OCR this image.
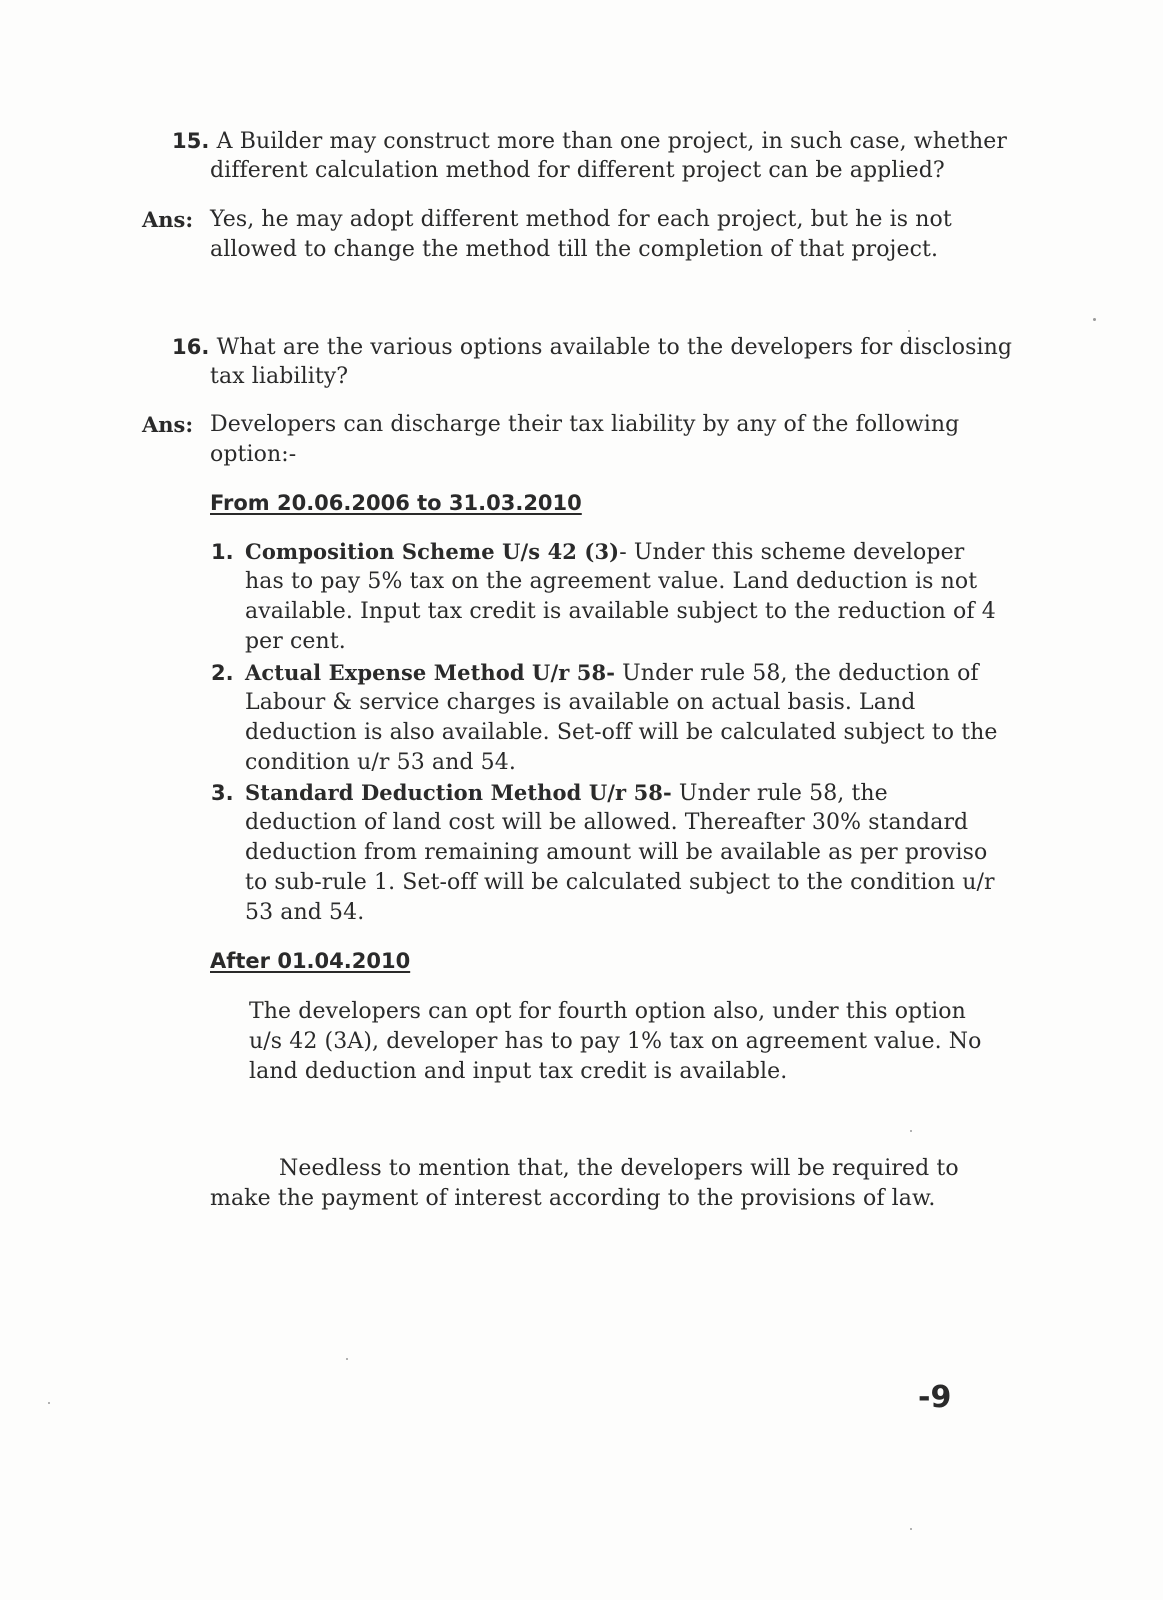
15. A Builder may construct more than one project, in such case, whether
different calculation method for different project can be applied?
Ans: Yes, he may adopt different method for each project, but he is not
allowed to change the method till the completion of that project.
16. What are the various options available to the developers for disclosing
tax liability?
Ans: Developers can discharge their tax liability by any of the following
option:-
From 20.06.2006 to 31.03.2010
1. Composition Scheme U/s 42 (3)- Under this scheme developer
has to pay 5% tax on the agreement value. Land deduction is not
available. Input tax credit is available subject to the reduction of 4
per cent.
2. Actual Expense Method U/r 58- Under rule 58, the deduction of
Labour & service charges is available on actual basis. Land
deduction is also available. Set-off will be calculated subject to the
condition u/r 53 and 54.
3. Standard Deduction Method U/r 58- Under rule 58, the
deduction of land cost will be allowed. Thereafter 30% standard
deduction from remaining amount will be available as per proviso
to sub-rule 1. Set-off will be calculated subject to the condition u/r
53 and 54.
After 01.04.2010
The developers can opt for fourth option also, under this option
u/s 42 (3A), developer has to pay 1% tax on agreement value. No
land deduction and input tax credit is available.
Needless to mention that, the developers will be required to
make the payment of interest according to the provisions of law.
-9
